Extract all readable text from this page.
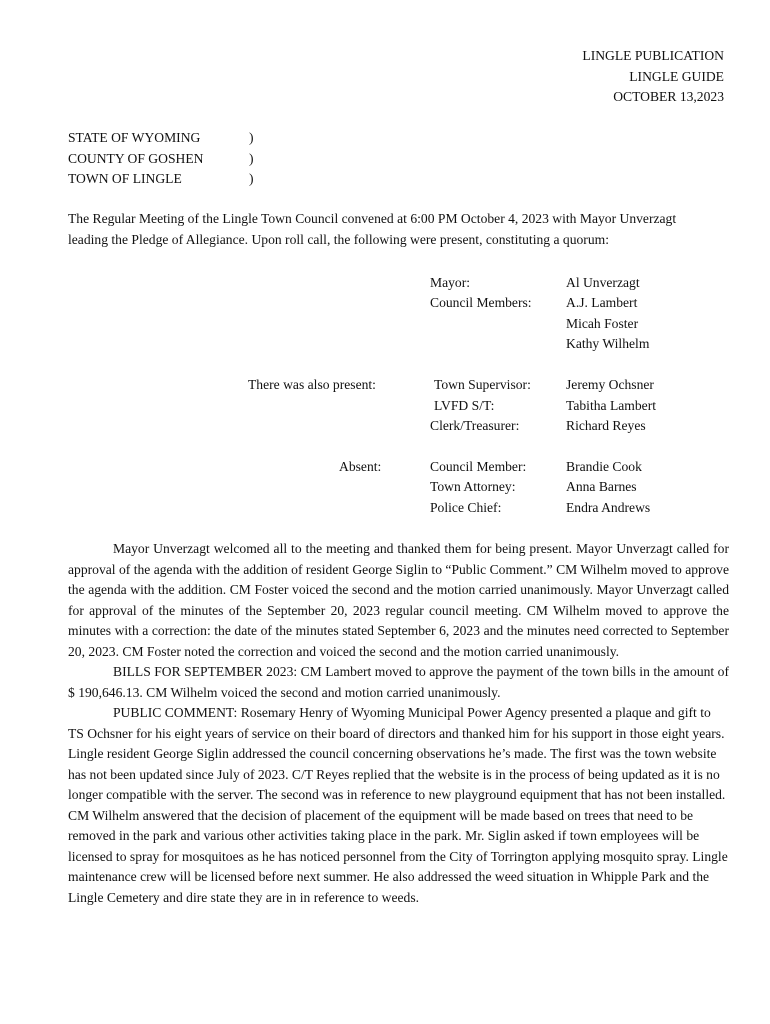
LINGLE PUBLICATION
LINGLE GUIDE
OCTOBER 13,2023
STATE OF WYOMING	)
COUNTY OF GOSHEN	)
TOWN OF LINGLE	)
The Regular Meeting of the Lingle Town Council convened at 6:00 PM October 4, 2023 with Mayor Unverzagt leading the Pledge of Allegiance. Upon roll call, the following were present, constituting a quorum:
Mayor:	Al Unverzagt
Council Members:	A.J. Lambert
Micah Foster
Kathy Wilhelm
There was also present:	Town Supervisor:	Jeremy Ochsner
LVFD S/T:	Tabitha Lambert
Clerk/Treasurer:	Richard Reyes
Absent:	Council Member:	Brandie Cook
Town Attorney:	Anna Barnes
Police Chief:	Endra Andrews

Mayor Unverzagt welcomed all to the meeting and thanked them for being present. Mayor Unverzagt called for approval of the agenda with the addition of resident George Siglin to “Public Comment.” CM Wilhelm moved to approve the agenda with the addition. CM Foster voiced the second and the motion carried unanimously. Mayor Unverzagt called for approval of the minutes of the September 20, 2023 regular council meeting. CM Wilhelm moved to approve the minutes with a correction: the date of the minutes stated September 6, 2023 and the minutes need corrected to September 20, 2023. CM Foster noted the correction and voiced the second and the motion carried unanimously.

BILLS FOR SEPTEMBER 2023: CM Lambert moved to approve the payment of the town bills in the amount of $ 190,646.13. CM Wilhelm voiced the second and motion carried unanimously.

PUBLIC COMMENT: Rosemary Henry of Wyoming Municipal Power Agency presented a plaque and gift to TS Ochsner for his eight years of service on their board of directors and thanked him for his support in those eight years. Lingle resident George Siglin addressed the council concerning observations he’s made. The first was the town website has not been updated since July of 2023. C/T Reyes replied that the website is in the process of being updated as it is no longer compatible with the server. The second was in reference to new playground equipment that has not been installed. CM Wilhelm answered that the decision of placement of the equipment will be made based on trees that need to be removed in the park and various other activities taking place in the park. Mr. Siglin asked if town employees will be licensed to spray for mosquitoes as he has noticed personnel from the City of Torrington applying mosquito spray. Lingle maintenance crew will be licensed before next summer. He also addressed the weed situation in Whipple Park and the Lingle Cemetery and dire state they are in in reference to weeds.
